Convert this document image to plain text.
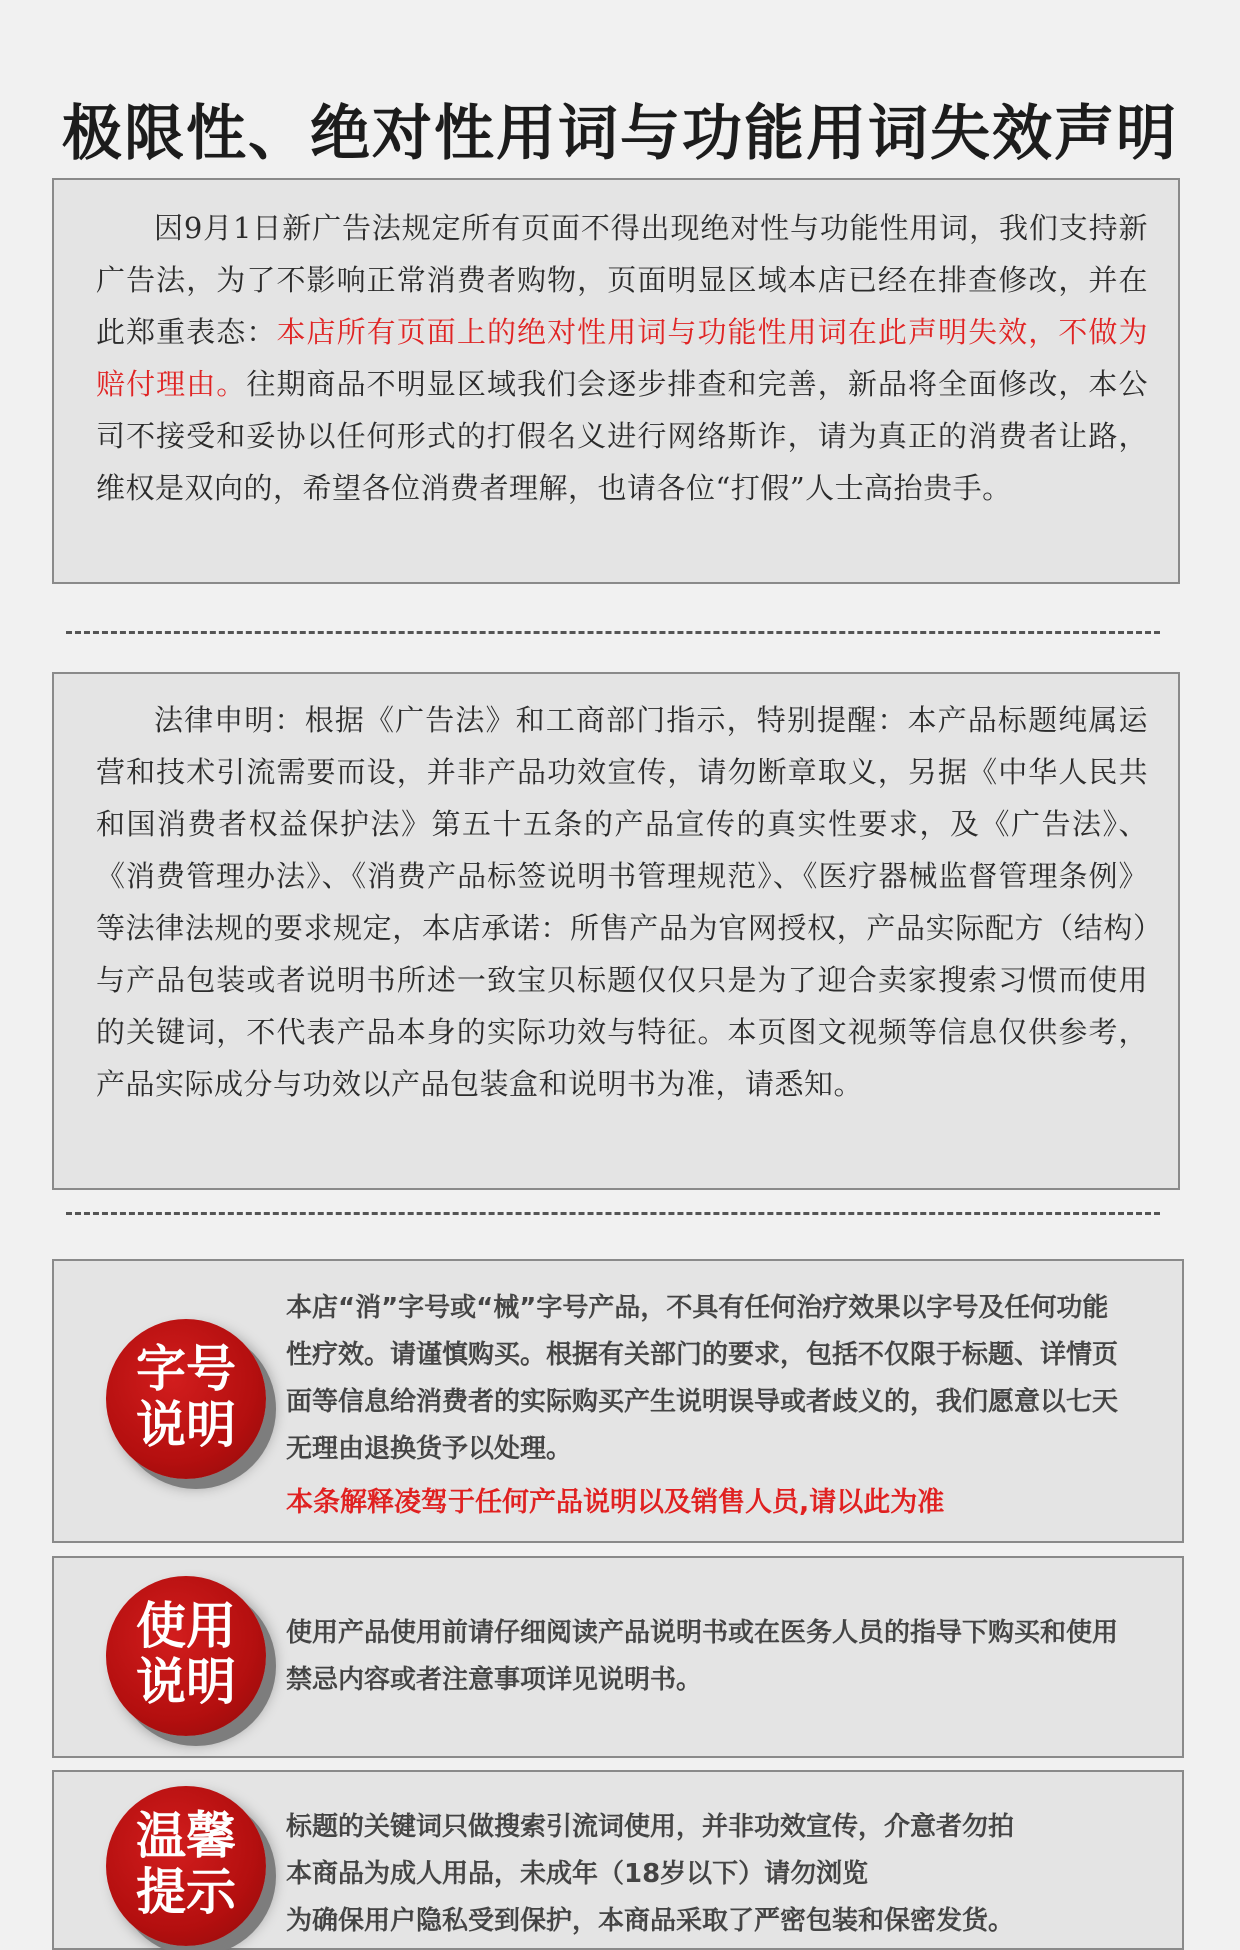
极限性、绝对性用词与功能用词失效声明

因9月1日新广告法规定所有页面不得出现绝对性与功能性用词，我们支持新广告法，为了不影响正常消费者购物，页面明显区域本店已经在排查修改，并在此郑重表态：本店所有页面上的绝对性用词与功能性用词在此声明失效，不做为赔付理由。往期商品不明显区域我们会逐步排查和完善，新品将全面修改，本公司不接受和妥协以任何形式的打假名义进行网络斯诈，请为真正的消费者让路，维权是双向的，希望各位消费者理解，也请各位“打假”人士高抬贵手。

法律申明：根据《广告法》和工商部门指示，特别提醒：本产品标题纯属运营和技术引流需要而设，并非产品功效宣传，请勿断章取义，另据《中华人民共和国消费者权益保护法》第五十五条的产品宣传的真实性要求，及《广告法》、《消费管理办法》、《消费产品标签说明书管理规范》、《医疗器械监督管理条例》等法律法规的要求规定，本店承诺：所售产品为官网授权，产品实际配方（结构）与产品包装或者说明书所述一致宝贝标题仅仅只是为了迎合卖家搜索习惯而使用的关键词，不代表产品本身的实际功效与特征。本页图文视频等信息仅供参考，产品实际成分与功效以产品包装盒和说明书为准，请悉知。

字号
说明

本店“消”字号或“械”字号产品，不具有任何治疗效果以字号及任何功能性疗效。请谨慎购买。根据有关部门的要求，包括不仅限于标题、详情页面等信息给消费者的实际购买产生说明误导或者歧义的，我们愿意以七天无理由退换货予以处理。

本条解释凌驾于任何产品说明以及销售人员,请以此为准

使用
说明

使用产品使用前请仔细阅读产品说明书或在医务人员的指导下购买和使用禁忌内容或者注意事项详见说明书。

温馨
提示

标题的关键词只做搜索引流词使用，并非功效宣传，介意者勿拍

本商品为成人用品，未成年（18岁以下）请勿浏览

为确保用户隐私受到保护，本商品采取了严密包装和保密发货。
